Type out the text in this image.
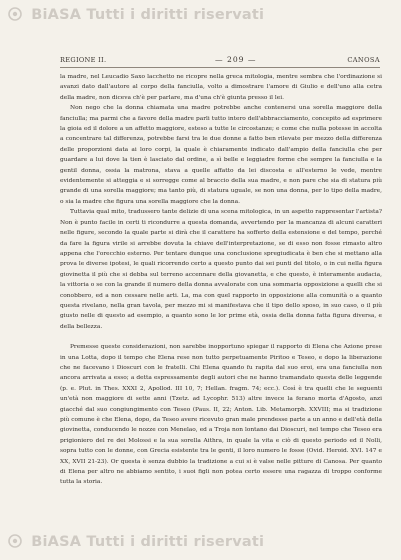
BiASA Tutti i diritti riservati
REGIONE II.	— 209 —	CANOSA

la madre, nel Leucadio Saxo lacchetto ne ricopre nella greca mitologia, mentre sembra che l'ordinazione si avanzi dato dall'autore al corpo della fanciulla, volto a dimostrare l'amore di Giulio e dell'uno alla cetra della madre, non diceva ch'è per parlare, ma d'una ch'è giunta presso il lei.

Non nego che la donna chiamata una madre potrebbe anche contenersi una sorella maggiore della fanciulla; ma parmi che a favore della madre parli tutto intero dell'abbracciamento, concepito ad esprimere la gioia ed il dolore a un affetto maggiore, esteso a tutte le circostanze; e come che nulla potesse in accolta a concentrare tal differenza, potrebbe farsi tra le due donne a fatto ben rilevate per mezzo della differenza delle proporzioni data ai loro corpi, la quale è chiaramente indicato dall'ampio della fanciulla che per guardare a lui dove la tien è lasciato dal ordine, a sì belle e leggiadre forme che sempre la fanciulla e la gentil donna, ossia la matrona, stava a quelle affatto da lei discosta e all'esterno le vede, mentre evidentemente si atteggia e si sorregge come al braccio della sua madre, e non pare che sia di statura più grande di una sorella maggiore; ma tanto più, di statura uguale, se non una donna, per lo tipo della madre, o sia la madre che figura una sorella maggiore che la donna.

Tuttavia qual mito, tradussero tante delizie di una scena mitologica, in un aspetto rappresentar l'artista? Non è punto facile in certi ti ricondurre a questa domanda, avvertendo per la mancanza di alcuni caratteri nelle figure, secondo la quale parte si dirà che il carattere ha sofferto della estensione e del tempo, perché da fare la figura virile si arrebbe dovuta la chiave dell'interpretazione, se di esso non fosse rimasto altro appena che l'orecchio esterno. Per tentare dunque una conclusione spregiudicata è ben che si mettano alla prova le diverse ipotesi, le quali ricorrendo certo a questo punto dai sei punti del titolo, o in cui nella figura giovinetta il più che si debba sul terreno accennare della giovanetta, e che questo, è interamente audacia, la vittoria o se con la grande il numero della donna avvalorate con una sommaria opposizione a quelli che si conobbero, ed a non cessare nelle arti. La, ma con quel rapporto in opposizione alla comunità o a quanto questa rivelano, nella gran tavola, per mezzo mi si manifestava che il tipo dello sposo, in suo caso, o il più giusto nelle di questo ad esempio, a quanto sono le lor prime età, ossia della donna fatta figura diversa, e della bellezza.

Premesse queste considerazioni, non sarebbe inopportuno spiegar il rapporto di Elena che Azione prese in una Lotta, dopo il tempo che Elena rese non tutto perpetuamente Piritoo e Teseo, e dopo la liberazione che ne facevano i Dioscuri con le fratelli. Chi Elena quando fu rapita dal suo eroi, era una fanciulla non ancora arrivata a esso; a detta espressamente degli autori che ne hanno tramandato questa delle leggende (p. e. Plut. in Thes. XXXI 2, Apollod. III 10, 7; Hellan. fragm. 74; ecc.). Così è tra quelli che le seguenti un'età non maggiore di sette anni (Tzetz. ad Lycophr. 513) altre invece la ferano morta d'Agosto, anzi giacché dal suo congiungimento con Teseo (Paus. II, 22; Anton. Lib. Metamorph. XXVIII; ma si tradizione più comune è che Elena, dopo, da Teseo avere ricevuto gran male prendesse parte a un anno e dell'età della giovinetta, conducendo le nozze con Menelao, ed a Troja non lontano dai Dioscuri, nel tempo che Teseo era prigioniero del re dei Molossi e la sua sorella Aithra, in quale la vita e ciò di questo periodo ed il Nolli, sopra tutto con le donne, con Grecia esistente tra le genti, il loro numero le fosse (Ovid. Heroid. XVI. 147 e XX, XVII 21-23). Or questa è senza dubbio la tradizione a cui si è valse nelle pitture di Canosa. Per quanto di Elena per altro ne abbiamo sentito, i suoi figli non potea certo essere una ragazza di troppo conforme tutta la storia.

BiASA Tutti i diritti riservati
